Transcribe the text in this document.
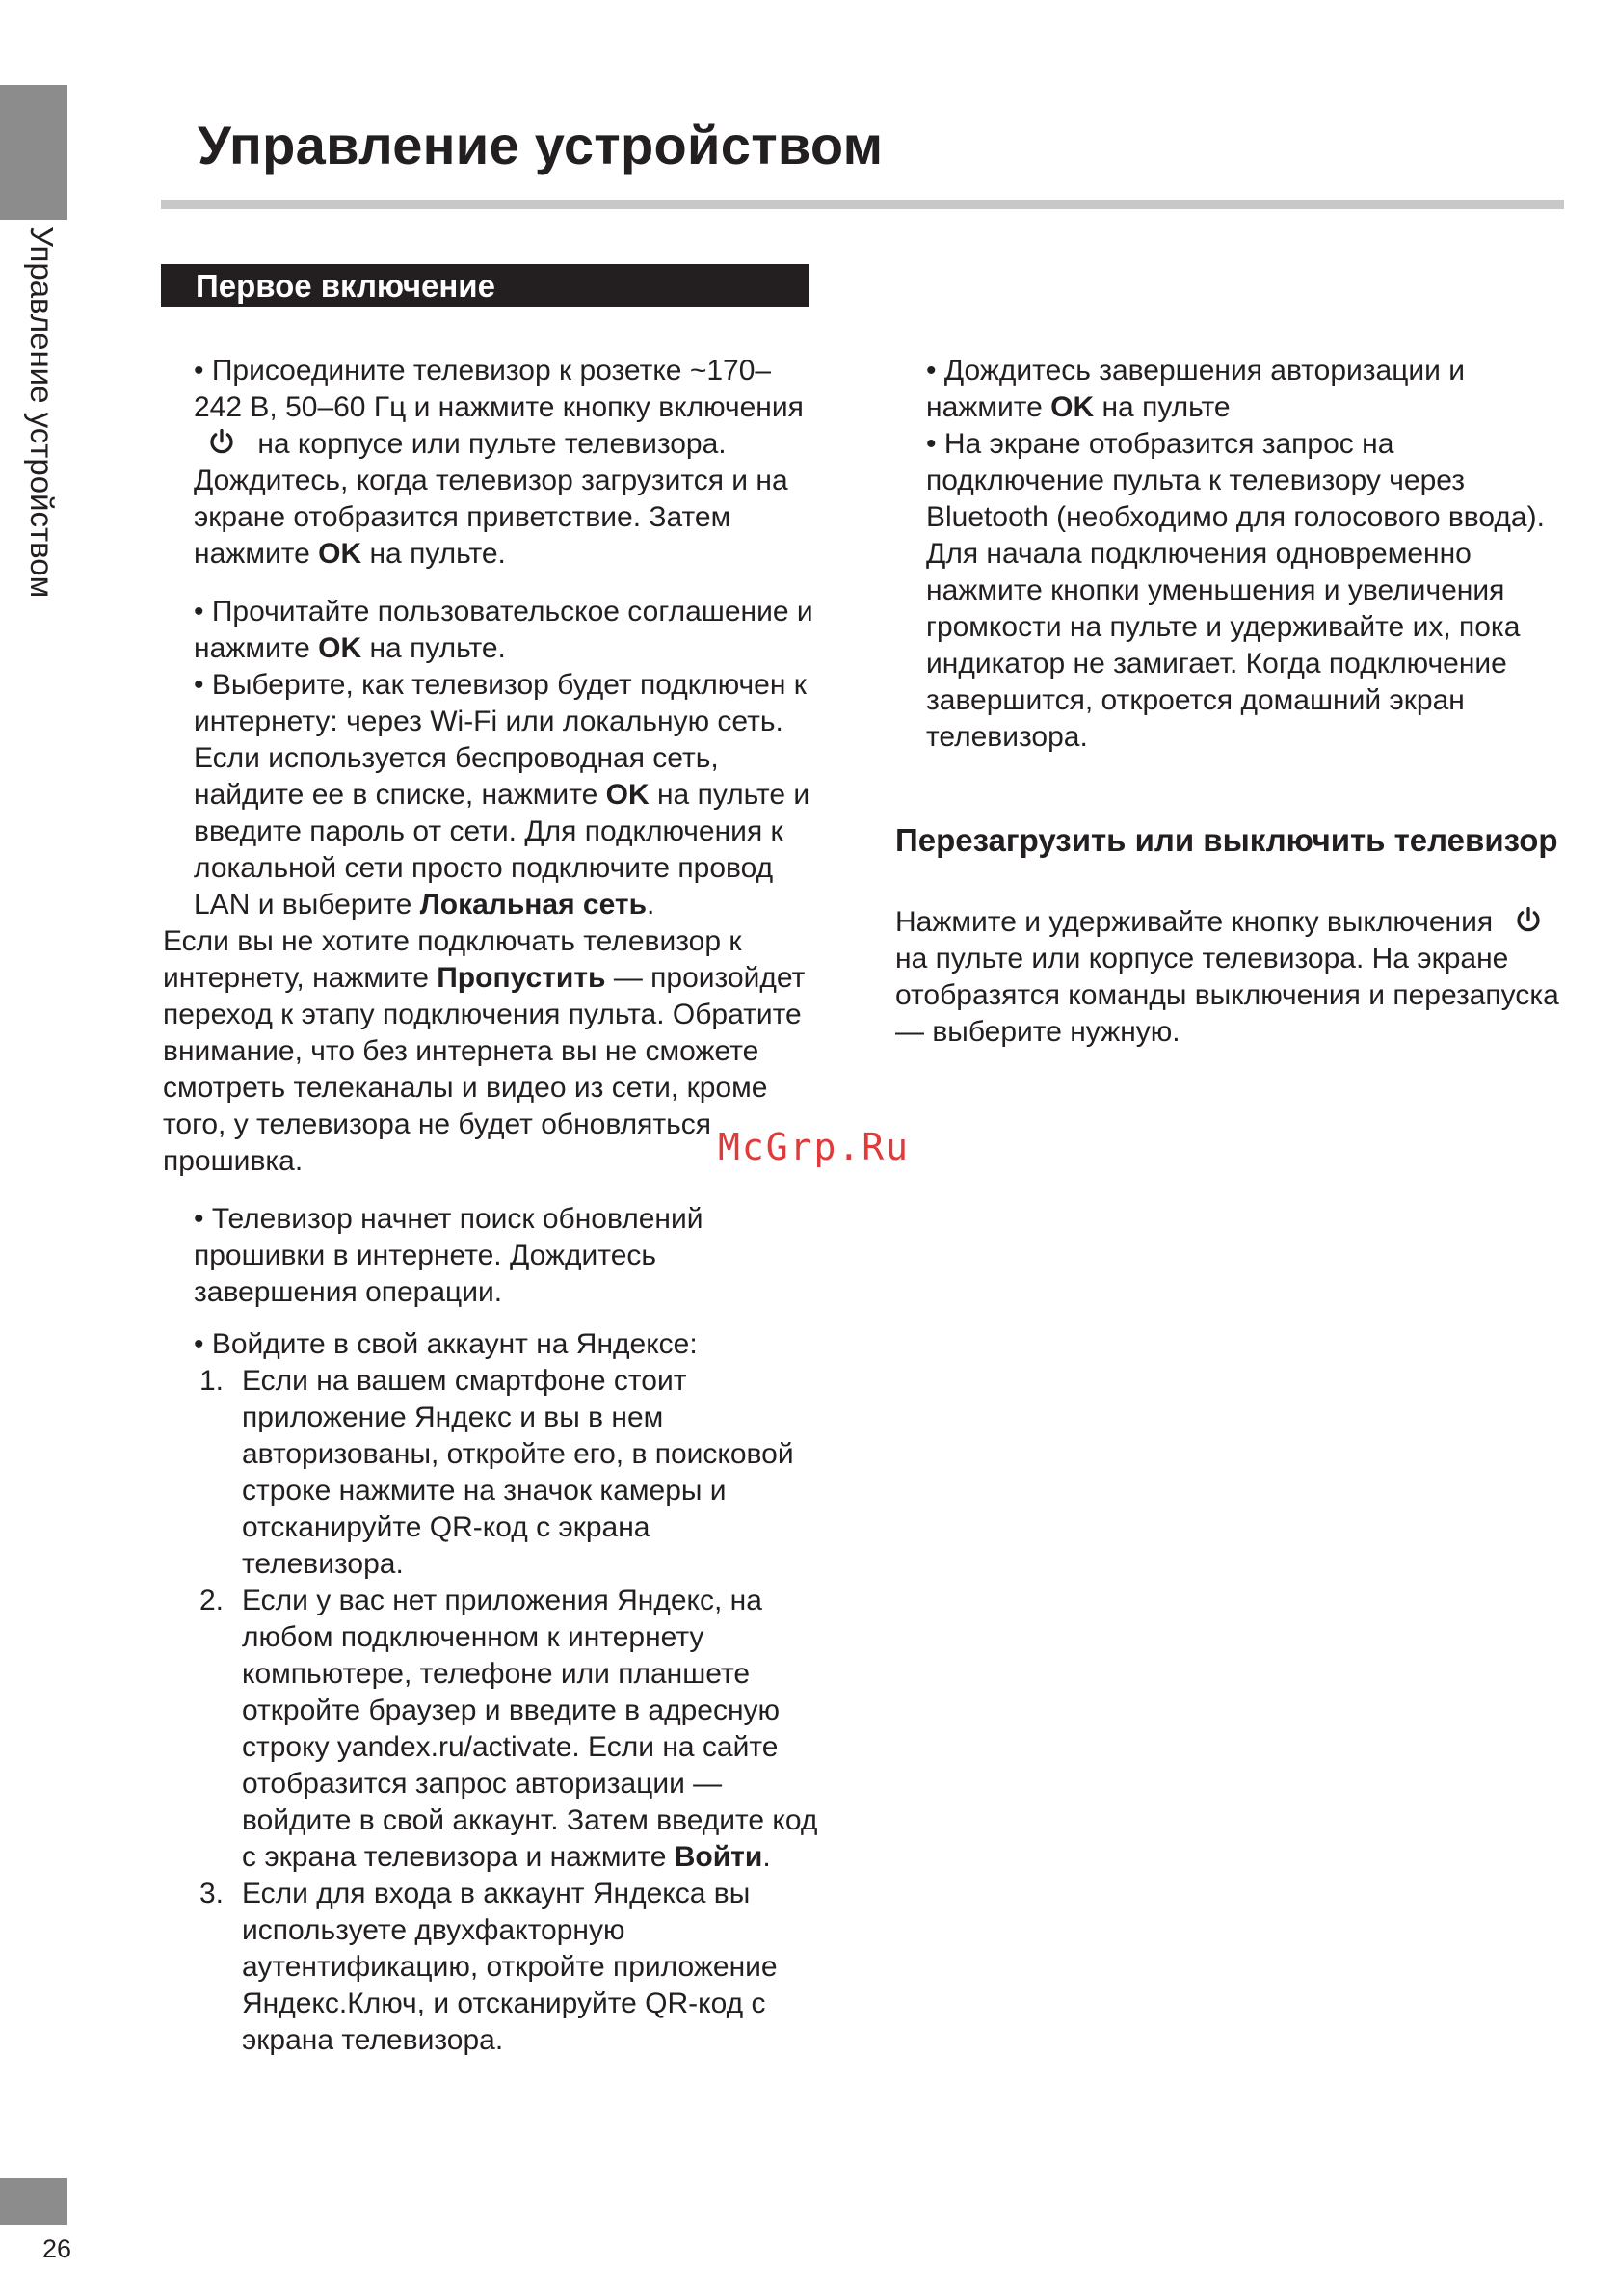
Управление устройством
Управление устройством
Первое включение

• Присоедините телевизор к розетке ~170–242 В, 50–60 Гц и нажмите кнопку включения  на корпусе или пульте телевизора. Дождитесь, когда телевизор загрузится и на экране отобразится приветствие. Затем нажмите OK на пульте.

• Прочитайте пользовательское соглашение и нажмите OK на пульте.

• Выберите, как телевизор будет подключен к интернету: через Wi-Fi или локальную сеть. Если используется беспроводная сеть, найдите ее в списке, нажмите OK на пульте и введите пароль от сети. Для подключения к локальной сети просто подключите провод LAN и выберите Локальная сеть.

Если вы не хотите подключать телевизор к интернету, нажмите Пропустить — произойдет переход к этапу подключения пульта. Обратите внимание, что без интернета вы не сможете смотреть телеканалы и видео из сети, кроме того, у телевизора не будет обновляться прошивка.

• Телевизор начнет поиск обновлений прошивки в интернете. Дождитесь завершения операции.

• Войдите в свой аккаунт на Яндексе:

1. Если на вашем смартфоне стоит приложение Яндекс и вы в нем авторизованы, откройте его, в поисковой строке нажмите на значок камеры и отсканируйте QR-код с экрана телевизора.
2. Если у вас нет приложения Яндекс, на любом подключенном к интернету компьютере, телефоне или планшете откройте браузер и введите в адресную строку yandex.ru/activate. Если на сайте отобразится запрос авторизации — войдите в свой аккаунт. Затем введите код с экрана телевизора и нажмите Войти.
3. Если для входа в аккаунт Яндекса вы используете двухфакторную аутентификацию, откройте приложение Яндекс.Ключ, и отсканируйте QR-код с экрана телевизора.

• Дождитесь завершения авторизации и нажмите OK на пульте

• На экране отобразится запрос на подключение пульта к телевизору через Bluetooth (необходимо для голосового ввода). Для начала подключения одновременно нажмите кнопки уменьшения и увеличения громкости на пульте и удерживайте их, пока индикатор не замигает. Когда подключение завершится, откроется домашний экран телевизора.

Перезагрузить или выключить телевизор

Нажмите и удерживайте кнопку выключения  на пульте или корпусе телевизора. На экране отобразятся команды выключения и перезапуска — выберите нужную.

McGrp.Ru
26
